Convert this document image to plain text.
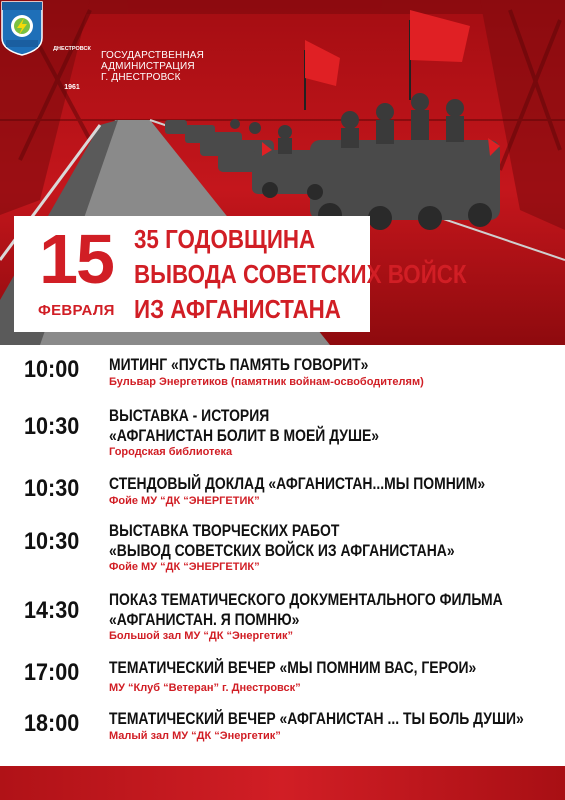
ДНЕСТРОВСК
1961
ГОСУДАРСТВЕННАЯ
АДМИНИСТРАЦИЯ
Г. ДНЕСТРОВСК
15
ФЕВРАЛЯ
35 ГОДОВЩИНА
ВЫВОДА СОВЕТСКИХ ВОЙСК
ИЗ АФГАНИСТАНА
10:00 МИТИНГ «ПУСТЬ ПАМЯТЬ ГОВОРИТ»
Бульвар Энергетиков (памятник войнам-освободителям)
10:30 ВЫСТАВКА - ИСТОРИЯ
«АФГАНИСТАН БОЛИТ В МОЕЙ ДУШЕ»
Городская библиотека
10:30 СТЕНДОВЫЙ ДОКЛАД «АФГАНИСТАН...МЫ ПОМНИМ»
Фойе МУ “ДК “ЭНЕРГЕТИК”
10:30 ВЫСТАВКА ТВОРЧЕСКИХ РАБОТ
«ВЫВОД СОВЕТСКИХ ВОЙСК ИЗ АФГАНИСТАНА»
Фойе МУ “ДК “ЭНЕРГЕТИК”
14:30 ПОКАЗ ТЕМАТИЧЕСКОГО ДОКУМЕНТАЛЬНОГО ФИЛЬМА
«АФГАНИСТАН. Я ПОМНЮ»
Большой зал МУ “ДК “Энергетик”
17:00 ТЕМАТИЧЕСКИЙ ВЕЧЕР «МЫ ПОМНИМ ВАС, ГЕРОИ»
МУ “Клуб “Ветеран” г. Днестровск”
18:00 ТЕМАТИЧЕСКИЙ ВЕЧЕР «АФГАНИСТАН ... ТЫ БОЛЬ ДУШИ»
Малый зал МУ “ДК “Энергетик”
